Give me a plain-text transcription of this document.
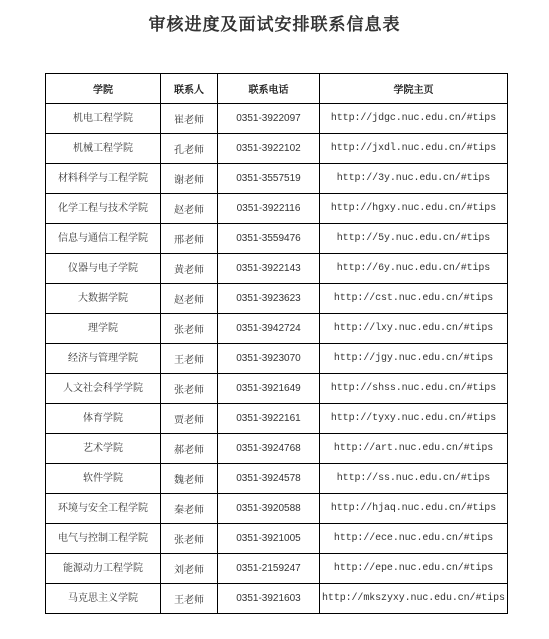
审核进度及面试安排联系信息表
学院	联系人	联系电话	学院主页
机电工程学院	崔老师	0351-3922097	http://jdgc.nuc.edu.cn/#tips
机械工程学院	孔老师	0351-3922102	http://jxdl.nuc.edu.cn/#tips
材料科学与工程学院	谢老师	0351-3557519	http://3y.nuc.edu.cn/#tips
化学工程与技术学院	赵老师	0351-3922116	http://hgxy.nuc.edu.cn/#tips
信息与通信工程学院	邢老师	0351-3559476	http://5y.nuc.edu.cn/#tips
仪器与电子学院	黄老师	0351-3922143	http://6y.nuc.edu.cn/#tips
大数据学院	赵老师	0351-3923623	http://cst.nuc.edu.cn/#tips
理学院	张老师	0351-3942724	http://lxy.nuc.edu.cn/#tips
经济与管理学院	王老师	0351-3923070	http://jgy.nuc.edu.cn/#tips
人文社会科学学院	张老师	0351-3921649	http://shss.nuc.edu.cn/#tips
体育学院	贾老师	0351-3922161	http://tyxy.nuc.edu.cn/#tips
艺术学院	郝老师	0351-3924768	http://art.nuc.edu.cn/#tips
软件学院	魏老师	0351-3924578	http://ss.nuc.edu.cn/#tips
环境与安全工程学院	秦老师	0351-3920588	http://hjaq.nuc.edu.cn/#tips
电气与控制工程学院	张老师	0351-3921005	http://ece.nuc.edu.cn/#tips
能源动力工程学院	刘老师	0351-2159247	http://epe.nuc.edu.cn/#tips
马克思主义学院	王老师	0351-3921603	http://mkszyxy.nuc.edu.cn/#tips
